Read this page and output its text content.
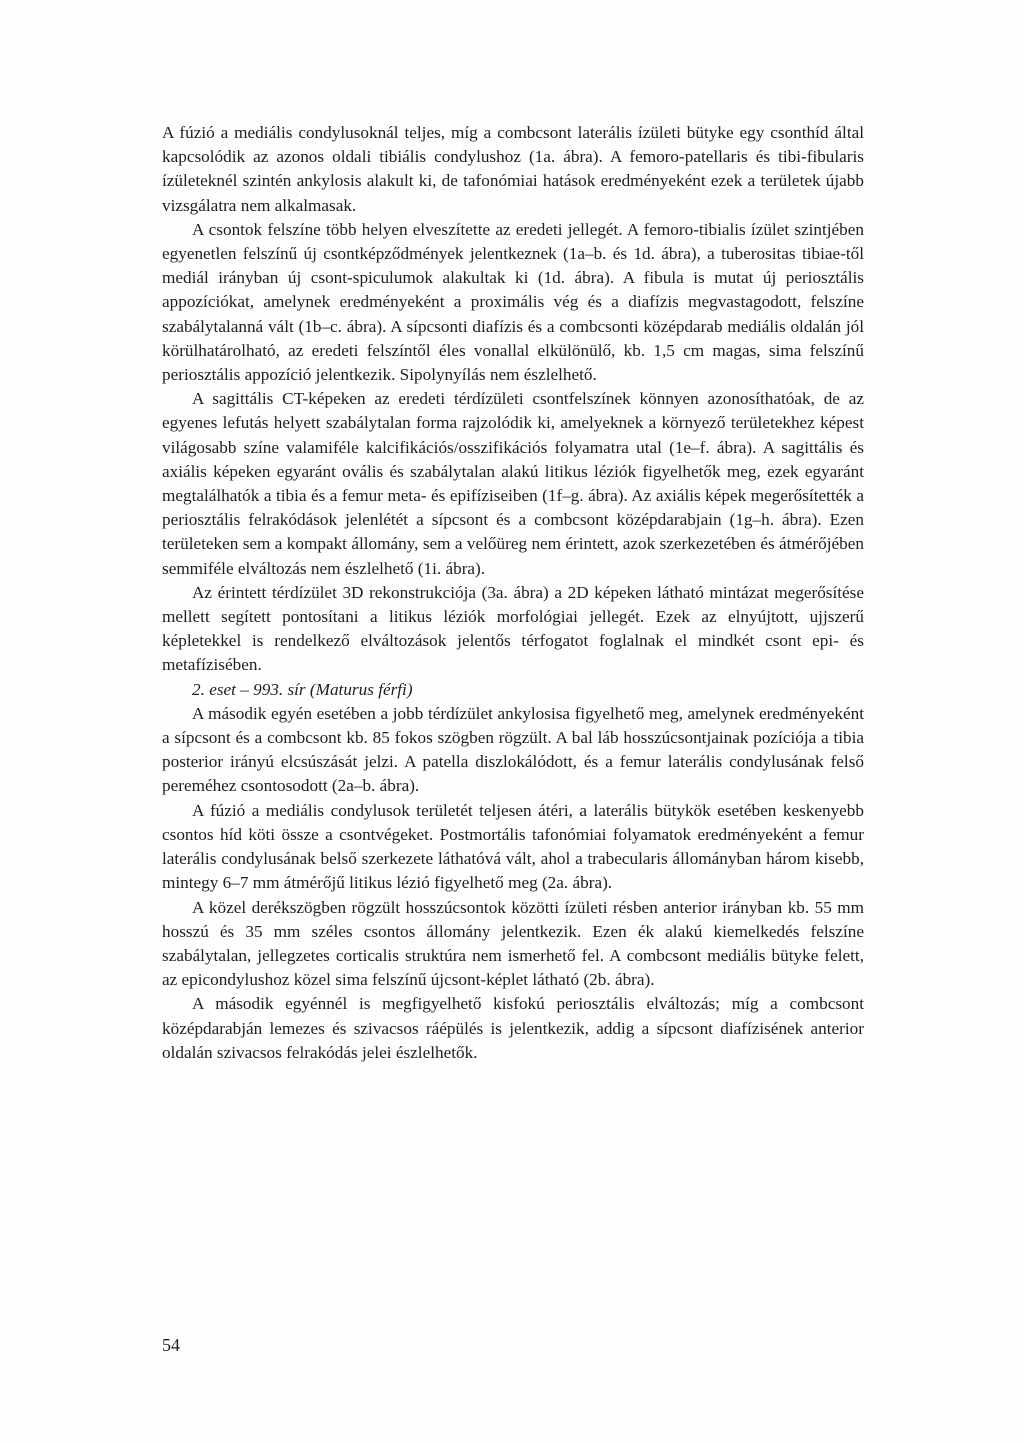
A fúzió a mediális condylusoknál teljes, míg a combcsont laterális ízületi bütyke egy csonthíd által kapcsolódik az azonos oldali tibiális condylushoz (1a. ábra). A femoro-patellaris és tibi-fibularis ízületeknél szintén ankylosis alakult ki, de tafonómiai hatások eredményeként ezek a területek újabb vizsgálatra nem alkalmasak.

A csontok felszíne több helyen elveszítette az eredeti jellegét. A femoro-tibialis ízület szintjében egyenetlen felszínű új csontképződmények jelentkeznek (1a–b. és 1d. ábra), a tuberositas tibiae-től mediál irányban új csont-spiculumok alakultak ki (1d. ábra). A fibula is mutat új periosztális appozíciókat, amelynek eredményeként a proximális vég és a diafízis megvastagodott, felszíne szabálytalanná vált (1b–c. ábra). A sípcsonti diafízis és a combcsonti középdarab mediális oldalán jól körülhatárolható, az eredeti felszíntől éles vonallal elkülönülő, kb. 1,5 cm magas, sima felszínű periosztális appozíció jelentkezik. Sipolynyílás nem észlelhető.

A sagittális CT-képeken az eredeti térdízületi csontfelszínek könnyen azonosíthatóak, de az egyenes lefutás helyett szabálytalan forma rajzolódik ki, amelyeknek a környező területekhez képest világosabb színe valamiféle kalcifikációs/osszifikációs folyamatra utal (1e–f. ábra). A sagittális és axiális képeken egyaránt ovális és szabálytalan alakú litikus léziók figyelhetők meg, ezek egyaránt megtalálhatók a tibia és a femur meta- és epifíziseiben (1f–g. ábra). Az axiális képek megerősítették a periosztális felrakódások jelenlétét a sípcsont és a combcsont középdarabjain (1g–h. ábra). Ezen területeken sem a kompakt állomány, sem a velőüreg nem érintett, azok szerkezetében és átmérőjében semmiféle elváltozás nem észlelhető (1i. ábra).

Az érintett térdízület 3D rekonstrukciója (3a. ábra) a 2D képeken látható mintázat megerősítése mellett segített pontosítani a litikus léziók morfológiai jellegét. Ezek az elnyújtott, ujjszerű képletekkel is rendelkező elváltozások jelentős térfogatot foglalnak el mindkét csont epi- és metafízisében.

2. eset – 993. sír (Maturus férfi)

A második egyén esetében a jobb térdízület ankylosisa figyelhető meg, amelynek eredményeként a sípcsont és a combcsont kb. 85 fokos szögben rögzült. A bal láb hosszúcsontjainak pozíciója a tibia posterior irányú elcsúszását jelzi. A patella diszlokálódott, és a femur laterális condylusának felső pereméhez csontosodott (2a–b. ábra).

A fúzió a mediális condylusok területét teljesen átéri, a laterális bütykök esetében keskenyebb csontos híd köti össze a csontvégeket. Postmortális tafonómiai folyamatok eredményeként a femur laterális condylusának belső szerkezete láthatóvá vált, ahol a trabecularis állományban három kisebb, mintegy 6–7 mm átmérőjű litikus lézió figyelhető meg (2a. ábra).

A közel derékszögben rögzült hosszúcsontok közötti ízületi résben anterior irányban kb. 55 mm hosszú és 35 mm széles csontos állomány jelentkezik. Ezen ék alakú kiemelkedés felszíne szabálytalan, jellegzetes corticalis struktúra nem ismerhető fel. A combcsont mediális bütyke felett, az epicondylushoz közel sima felszínű újcsont-képlet látható (2b. ábra).

A második egyénnél is megfigyelhető kisfokú periosztális elváltozás; míg a combcsont középdarabján lemezes és szivacsos ráépülés is jelentkezik, addig a sípcsont diafízisének anterior oldalán szivacsos felrakódás jelei észlelhetők.

54
